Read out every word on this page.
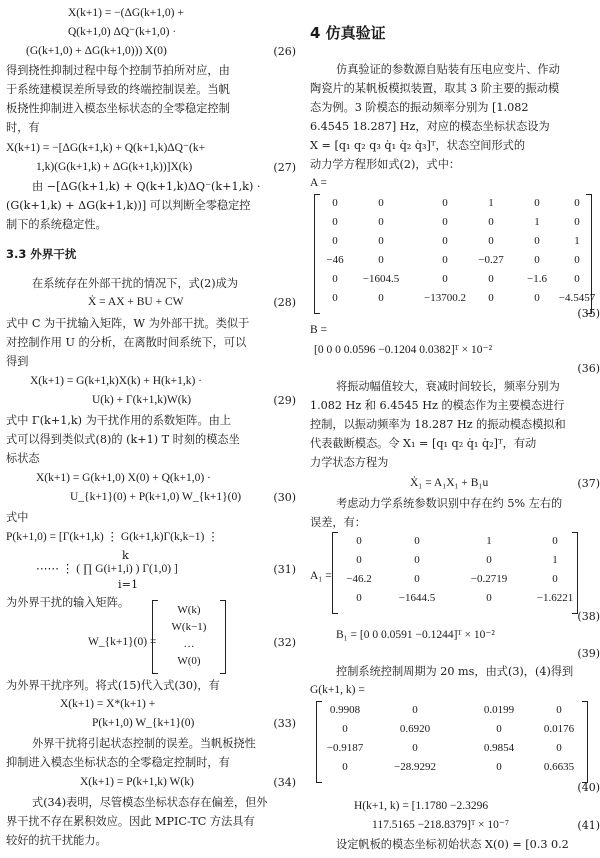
X(k+1) = −(ΔG(k+1,0) +
Q(k+1,0) ΔQ⁻(k+1,0) ·
(G(k+1,0) + ΔG(k+1,0))) X(0)
得到挠性抑制过程中每个控制节拍所对应，由
于系统建模误差所导致的终端控制误差。当帆
板挠性抑制进入模态坐标状态的全零稳定控制
时，有
X(k+1) = −[ΔG(k+1,k) + Q(k+1,k)ΔQ⁻(k+
1,k)(G(k+1,k) + ΔG(k+1,k))]X(k)
由 −[ΔG(k+1,k) + Q(k+1,k)ΔQ⁻(k+1,k) ·
(G(k+1,k) + ΔG(k+1,k))] 可以判断全零稳定控
制下的系统稳定性。
在系统存在外部干扰的情况下，式(2)成为
Ẋ = AX + BU + CW
式中 C 为干扰输入矩阵，W 为外部干扰。类似于
对控制作用 U 的分析，在离散时间系统下，可以
得到
X(k+1) = G(k+1,k)X(k) + H(k+1,k) ·
U(k) + Γ(k+1,k)W(k)
式中 Γ(k+1,k) 为干扰作用的系数矩阵。由上
式可以得到类似式(8)的 (k+1) T 时刻的模态坐
标状态
X(k+1) = G(k+1,0) X(0) + Q(k+1,0) ·
U_{k+1}(0) + P(k+1,0) W_{k+1}(0)
式中
P(k+1,0) = [Γ(k+1,k) ⋮ G(k+1,k)Γ(k,k−1) ⋮
k
⋯⋯ ⋮ ( ∏ G(i+1,i) ) Γ(1,0) ]
i=1
为外界干扰的输入矩阵。
W_{k+1}(0) =
为外界干扰序列。将式(15)代入式(30)，有
X(k+1) = X*(k+1) +
P(k+1,0) W_{k+1}(0)
外界干扰将引起状态控制的误差。当帆板挠性
抑制进入模态坐标状态的全零稳定控制时，有
X(k+1) = P(k+1,k) W(k)
式(34)表明，尽管模态坐标状态存在偏差，但外
界干扰不存在累积效应。因此 MPIC-TC 方法具有
较好的抗干扰能力。
(26)
(27)
(28)
(29)
(30)
(31)
(32)
(33)
(34)
3.3 外界干扰
W(k)
W(k−1)
…
W(0)
仿真验证的参数源自贴装有压电应变片、作动
陶瓷片的某帆板模拟装置，取其 3 阶主要的振动模
态为例。3 阶模态的振动频率分别为 [1.082
6.4545 18.287] Hz，对应的模态坐标状态设为
X = [q₁ q₂ q₃ q̇₁ q̇₂ q̇₃]ᵀ，状态空间形式的
动力学方程形如式(2)，式中：
A =
B =
[0 0 0 0.0596 −0.1204 0.0382]ᵀ × 10⁻²
将振动幅值较大，衰减时间较长，频率分别为
1.082 Hz 和 6.4545 Hz 的模态作为主要模态进行
控制，以振动频率为 18.287 Hz 的振动模态模拟和
代表截断模态。令 X₁ = [q₁ q₂ q̇₁ q̇₂]ᵀ，有动
力学状态方程为
Ẋ₁ = A₁X₁ + B₁u
考虑动力学系统参数识别中存在约 5% 左右的
误差，有：
A₁ =
B₁ = [0 0 0.0591 −0.1244]ᵀ × 10⁻²
控制系统控制周期为 20 ms，由式(3)，(4)得到
G(k+1, k) =
H(k+1, k) = [1.1780 −2.3296
117.5165 −218.8379]ᵀ × 10⁻⁷
设定帆板的模态坐标初始状态 X(0) = [0.3 0.2
(35)
(36)
(37)
(38)
(39)
(40)
(41)
4 仿真验证
0	0	0	1	0	0
0	0	0	0	1	0
0	0	0	0	0	1
−46	0	0	−0.27	0	0
0	−1604.5	0	0	−1.6	0
0	0	−13700.2	0	0	−4.5457
0	0	1	0
0	0	0	1
−46.2	0	−0.2719	0
0	−1644.5	0	−1.6221
0.9908	0	0.0199	0
0	0.6920	0	0.0176
−0.9187	0	0.9854	0
0	−28.9292	0	0.6635
